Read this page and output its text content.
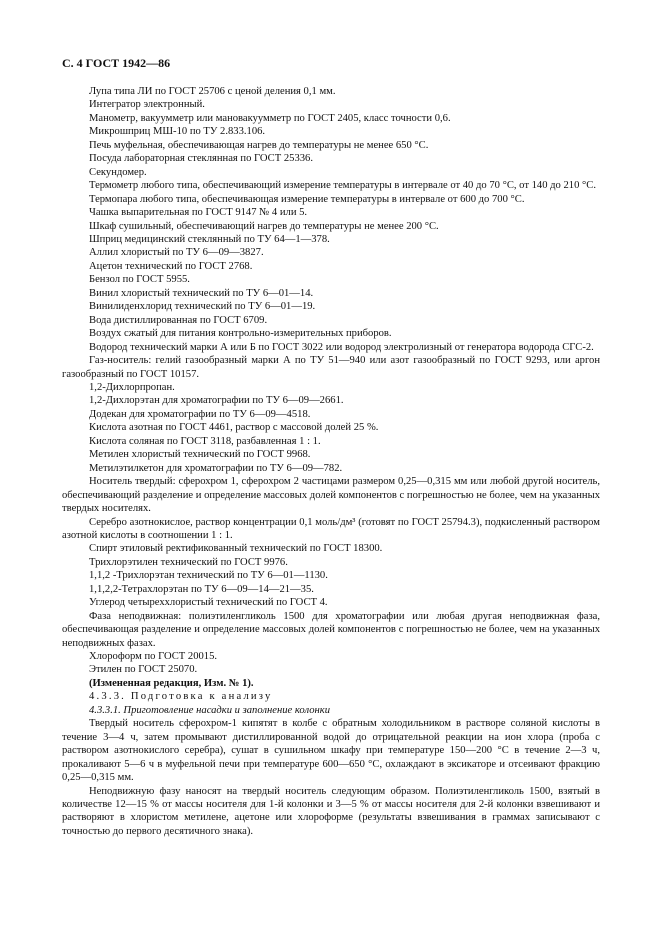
С. 4 ГОСТ 1942—86

Лупа типа ЛИ по ГОСТ 25706 с ценой деления 0,1 мм.

Интегратор электронный.

Манометр, вакуумметр или мановакуумметр по ГОСТ 2405, класс точности 0,6.

Микрошприц МШ-10 по ТУ 2.833.106.

Печь муфельная, обеспечивающая нагрев до температуры не менее 650 °С.

Посуда лабораторная стеклянная по ГОСТ 25336.

Секундомер.

Термометр любого типа, обеспечивающий измерение температуры в интервале от 40 до 70 °С, от 140 до 210 °С.

Термопара любого типа, обеспечивающая измерение температуры в интервале от 600 до 700 °С.

Чашка выпарительная по ГОСТ 9147 № 4 или 5.

Шкаф сушильный, обеспечивающий нагрев до температуры не менее 200 °С.

Шприц медицинский стеклянный по ТУ 64—1—378.

Аллил хлористый по ТУ 6—09—3827.

Ацетон технический по ГОСТ 2768.

Бензол по ГОСТ 5955.

Винил хлористый технический по ТУ 6—01—14.

Винилиденхлорид технический по ТУ 6—01—19.

Вода дистиллированная по ГОСТ 6709.

Воздух сжатый для питания контрольно-измерительных приборов.

Водород технический марки А или Б по ГОСТ 3022 или водород электролизный от генератора водорода СГС-2.

Газ-носитель: гелий газообразный марки А по ТУ 51—940 или азот газообразный по ГОСТ 9293, или аргон газообразный по ГОСТ 10157.

1,2-Дихлорпропан.

1,2-Дихлорэтан для хроматографии по ТУ 6—09—2661.

Додекан для хроматографии по ТУ 6—09—4518.

Кислота азотная по ГОСТ 4461, раствор с массовой долей 25 %.

Кислота соляная по ГОСТ 3118, разбавленная 1 : 1.

Метилен хлористый технический по ГОСТ 9968.

Метилэтилкетон для хроматографии по ТУ 6—09—782.

Носитель твердый: сферохром 1, сферохром 2 частицами размером 0,25—0,315 мм или любой другой носитель, обеспечивающий разделение и определение массовых долей компонентов с погрешностью не более, чем на указанных твердых носителях.

Серебро азотнокислое, раствор концентрации 0,1 моль/дм³ (готовят по ГОСТ 25794.3), подкисленный раствором азотной кислоты в соотношении 1 : 1.

Спирт этиловый ректификованный технический по ГОСТ 18300.

Трихлорэтилен технический по ГОСТ 9976.

1,1,2 -Трихлорэтан технический по ТУ 6—01—1130.

1,1,2,2-Тетрахлорэтан по ТУ 6—09—14—21—35.

Углерод четыреххлористый технический по ГОСТ 4.

Фаза неподвижная: полиэтиленгликоль 1500 для хроматографии или любая другая неподвижная фаза, обеспечивающая разделение и определение массовых долей компонентов с погрешностью не более, чем на указанных неподвижных фазах.

Хлороформ по ГОСТ 20015.

Этилен по ГОСТ 25070.

(Измененная редакция, Изм. № 1).

4.3.3. Подготовка к анализу

4.3.3.1. Приготовление насадки и заполнение колонки

Твердый носитель сферохром-1 кипятят в колбе с обратным холодильником в растворе соляной кислоты в течение 3—4 ч, затем промывают дистиллированной водой до отрицательной реакции на ион хлора (проба с раствором азотнокислого серебра), сушат в сушильном шкафу при температуре 150—200 °С в течение 2—3 ч, прокаливают 5—6 ч в муфельной печи при температуре 600—650 °С, охлаждают в эксикаторе и отсеивают фракцию 0,25—0,315 мм.

Неподвижную фазу наносят на твердый носитель следующим образом. Полиэтиленгликоль 1500, взятый в количестве 12—15 % от массы носителя для 1-й колонки и 3—5 % от массы носителя для 2-й колонки взвешивают и растворяют в хлористом метилене, ацетоне или хлороформе (результаты взвешивания в граммах записывают с точностью до первого десятичного знака).
